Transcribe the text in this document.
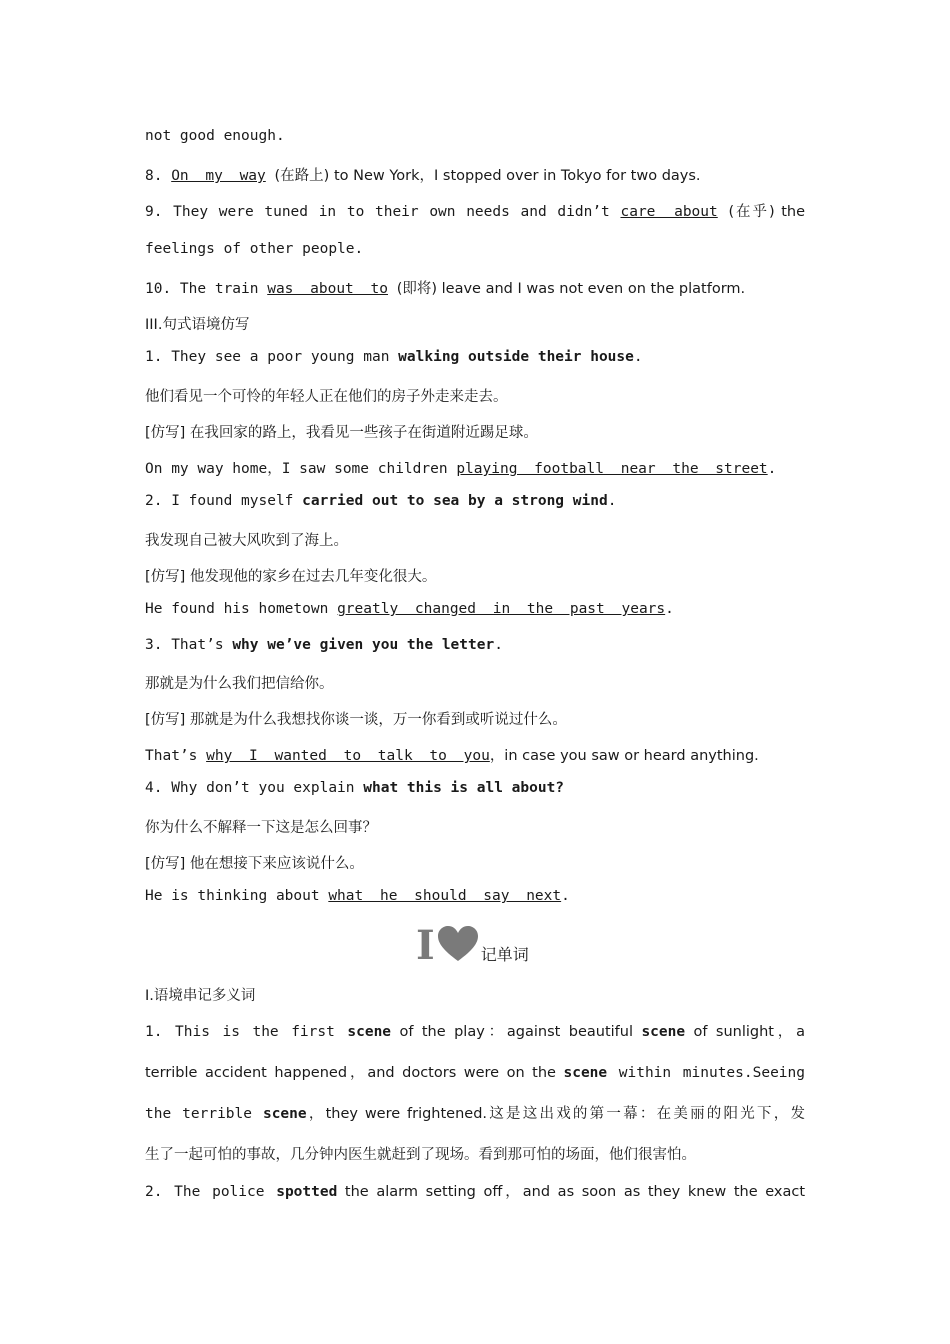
not good enough.
8. On my way (在路上) to New York，I stopped over in Tokyo for two days.
9. They were tuned in to their own needs and didn’t care about (在乎) the
feelings of other people.
10. The train was about to (即将) leave and I was not even on the platform.
III.句式语境仿写
1. They see a poor young man walking outside their house.
他们看见一个可怜的年轻人正在他们的房子外走来走去。
[仿写] 在我回家的路上，我看见一些孩子在街道附近踢足球。
On my way home，I saw some children playing football near the street.
2. I found myself carried out to sea by a strong wind.
我发现自己被大风吹到了海上。
[仿写] 他发现他的家乡在过去几年变化很大。
He found his hometown greatly changed in the past years.
3. That’s why we’ve given you the letter.
那就是为什么我们把信给你。
[仿写] 那就是为什么我想找你谈一谈，万一你看到或听说过什么。
That’s why I wanted to talk to you，in case you saw or heard anything.
4. Why don’t you explain what this is all about?
你为什么不解释一下这是怎么回事？
[仿写] 他在想接下来应该说什么。
He is thinking about what he should say next.
I	记单词
Ⅰ.语境串记多义词
1. This is the first scene of the play：against beautiful scene of sunlight，a
terrible accident happened，and doctors were on the scene within minutes.Seeing
the terrible scene，they were frightened.这是这出戏的第一幕：在美丽的阳光下，发
生了一起可怕的事故，几分钟内医生就赶到了现场。看到那可怕的场面，他们很害怕。
2. The police spotted the alarm setting off，and as soon as they knew the exact
